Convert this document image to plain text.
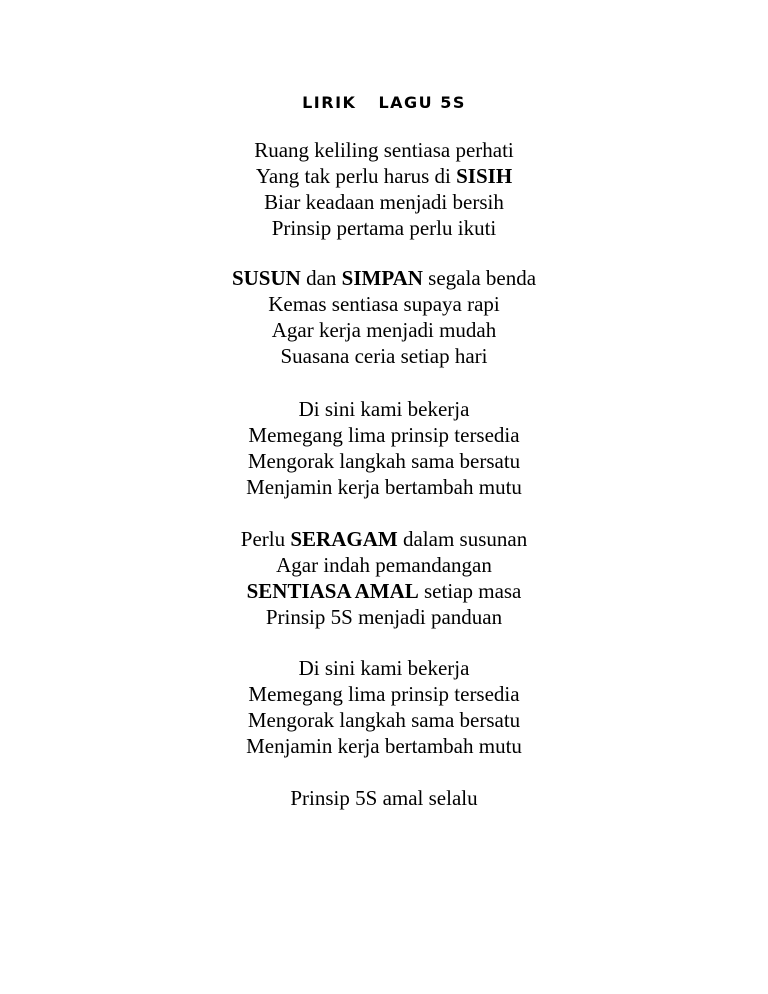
LIRIK LAGU 5S
Ruang keliling sentiasa perhati
Yang tak perlu harus di SISIH
Biar keadaan menjadi bersih
Prinsip pertama perlu ikuti
SUSUN dan SIMPAN segala benda
Kemas sentiasa supaya rapi
Agar kerja menjadi mudah
Suasana ceria setiap hari
Di sini kami bekerja
Memegang lima prinsip tersedia
Mengorak langkah sama bersatu
Menjamin kerja bertambah mutu
Perlu SERAGAM dalam susunan
Agar indah pemandangan
SENTIASA AMAL setiap masa
Prinsip 5S menjadi panduan
Di sini kami bekerja
Memegang lima prinsip tersedia
Mengorak langkah sama bersatu
Menjamin kerja bertambah mutu
Prinsip 5S amal selalu
